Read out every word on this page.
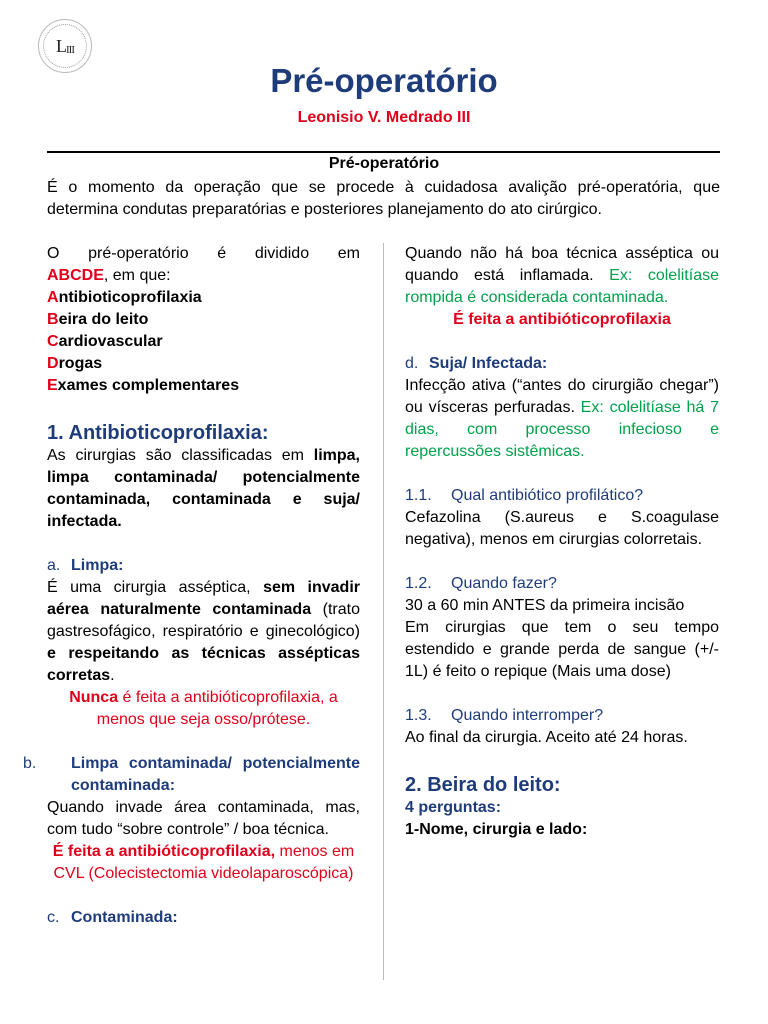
L III
Pré-operatório
Leonisio V. Medrado III
Pré-operatório
É o momento da operação que se procede à cuidadosa avalição pré-operatória, que determina condutas preparatórias e posteriores planejamento do ato cirúrgico.

O pré-operatório é dividido em

ABCDE, em que:

Antibioticoprofilaxia
Beira do leito
Cardiovascular
Drogas
Exames complementares

1. Antibioticoprofilaxia:

As cirurgias são classificadas em limpa, limpa contaminada/ potencialmente contaminada, contaminada e suja/ infectada.

a. Limpa:

É uma cirurgia asséptica, sem invadir aérea naturalmente contaminada (trato gastresofágico, respiratório e ginecológico) e respeitando as técnicas assépticas corretas.

Nunca é feita a antibióticoprofilaxia, a menos que seja osso/prótese.

b. Limpa contaminada/ potencialmente contaminada:

Quando invade área contaminada, mas, com tudo “sobre controle” / boa técnica.

É feita a antibióticoprofilaxia, menos em CVL (Colecistectomia videolaparoscópica)

c. Contaminada:

Quando não há boa técnica asséptica ou quando está inflamada. Ex: colelitíase rompida é considerada contaminada.

É feita a antibióticoprofilaxia

d. Suja/ Infectada:

Infecção ativa (“antes do cirurgião chegar”) ou vísceras perfuradas. Ex: colelitíase há 7 dias, com processo infecioso e repercussões sistêmicas.

1.1. Qual antibiótico profilático?

Cefazolina (S.aureus e S.coagulase negativa), menos em cirurgias colorretais.

1.2. Quando fazer?

30 a 60 min ANTES da primeira incisão

Em cirurgias que tem o seu tempo estendido e grande perda de sangue (+/- 1L) é feito o repique (Mais uma dose)

1.3. Quando interromper?

Ao final da cirurgia. Aceito até 24 horas.

2. Beira do leito:

4 perguntas:

1-Nome, cirurgia e lado:
